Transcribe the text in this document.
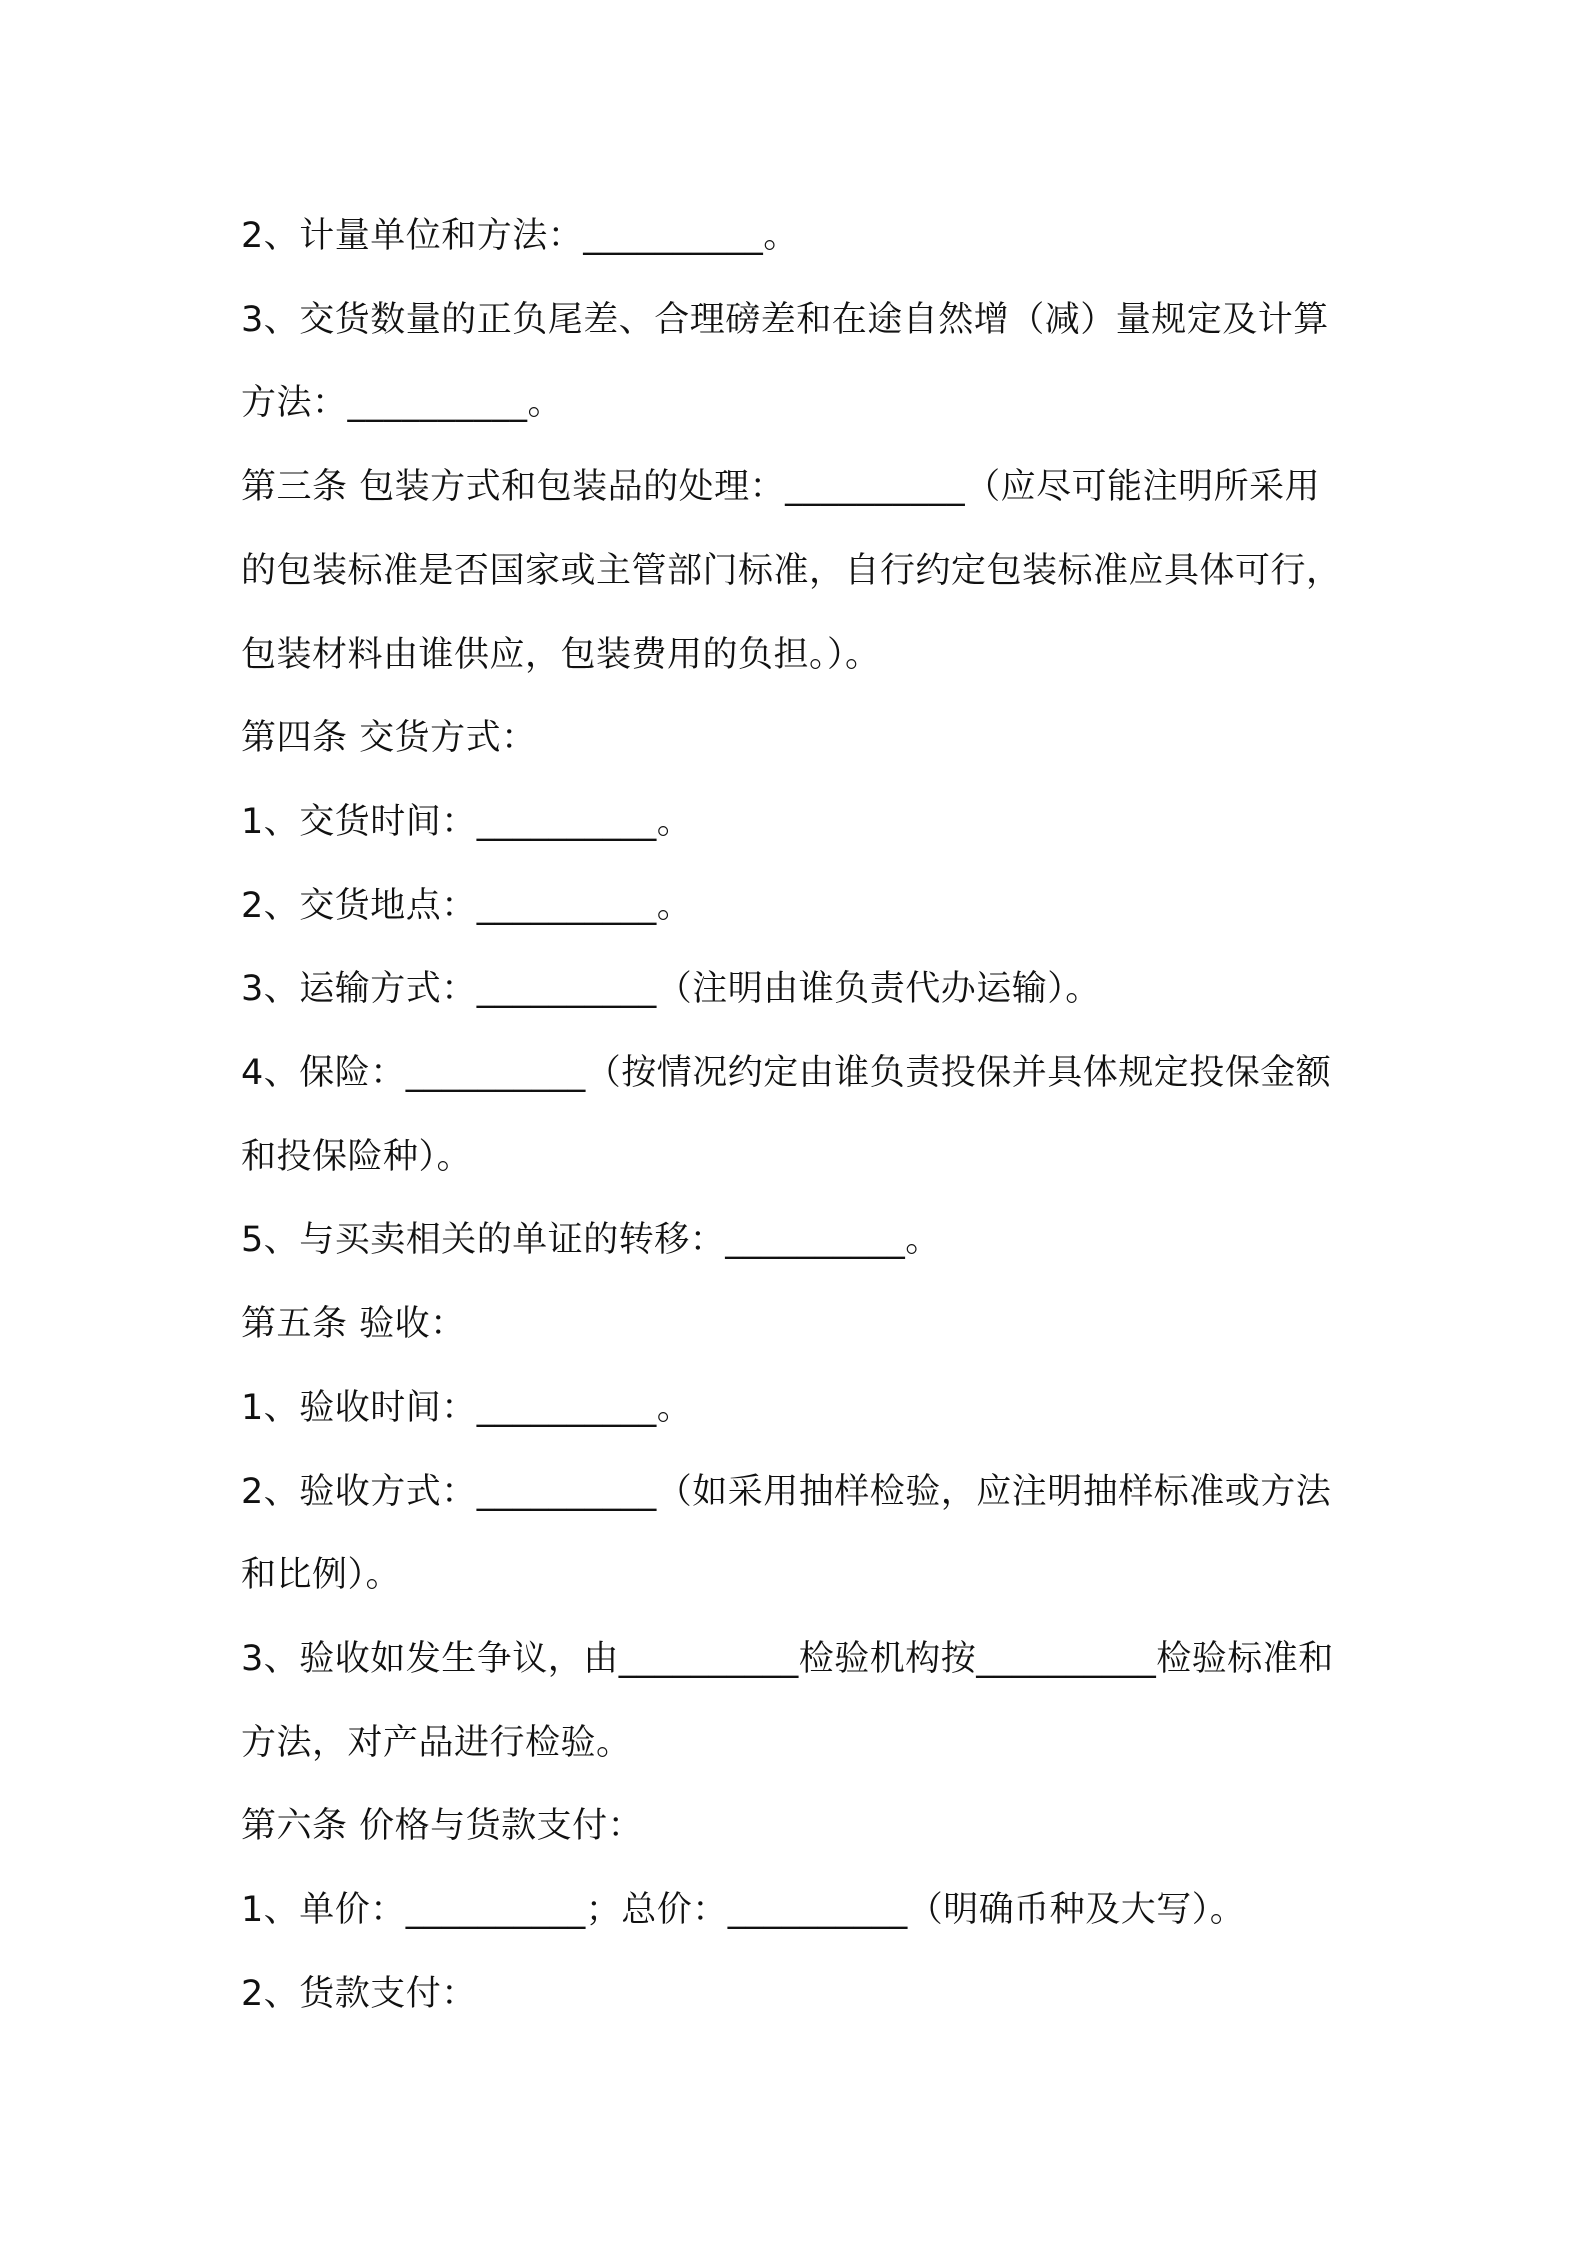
2、计量单位和方法：__________。

3、交货数量的正负尾差、合理磅差和在途自然增（减）量规定及计算方法：__________。

第三条 包装方式和包装品的处理：__________（应尽可能注明所采用的包装标准是否国家或主管部门标准，自行约定包装标准应具体可行，包装材料由谁供应，包装费用的负担。）。

第四条 交货方式：

1、交货时间：__________。

2、交货地点：__________。

3、运输方式：__________（注明由谁负责代办运输）。

4、保险：__________（按情况约定由谁负责投保并具体规定投保金额和投保险种）。

5、与买卖相关的单证的转移：__________。

第五条 验收：

1、验收时间：__________。

2、验收方式：__________（如采用抽样检验，应注明抽样标准或方法和比例）。

3、验收如发生争议，由__________检验机构按__________检验标准和方法，对产品进行检验。

第六条 价格与货款支付：

1、单价：__________；总价：__________（明确币种及大写）。

2、货款支付：
